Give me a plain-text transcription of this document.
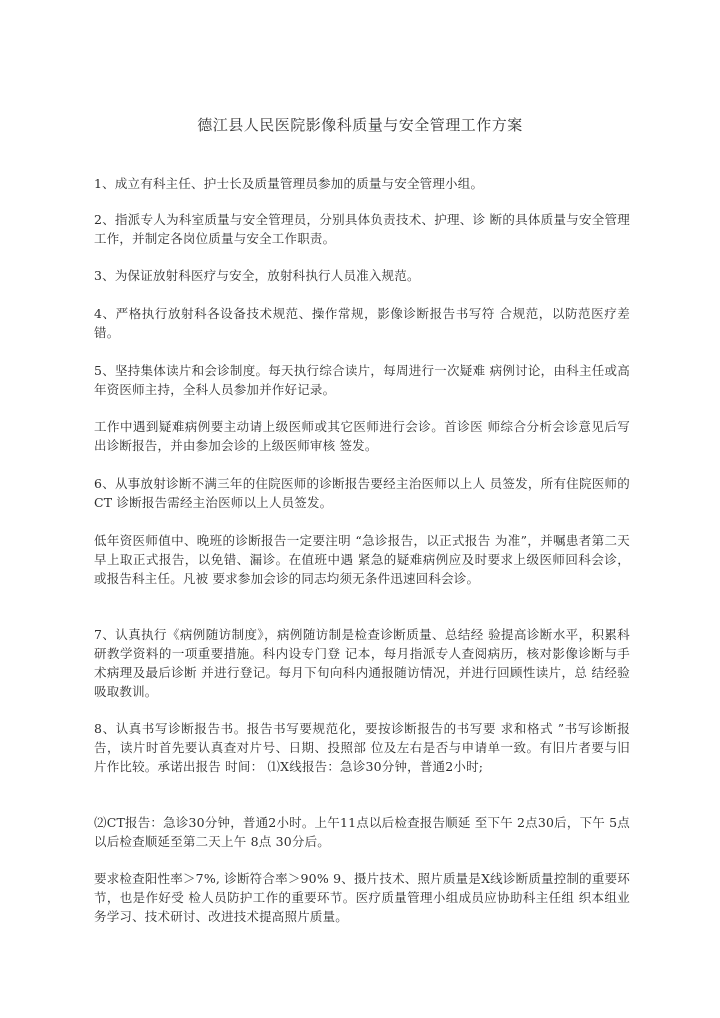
德江县人民医院影像科质量与安全管理工作方案

1、成立有科主任、护士长及质量管理员参加的质量与安全管理小组。

2、指派专人为科室质量与安全管理员，分别具体负责技术、护理、诊 断的具体质量与安全管理工作，并制定各岗位质量与安全工作职责。

3、为保证放射科医疗与安全，放射科执行人员准入规范。

4、严格执行放射科各设备技术规范、操作常规，影像诊断报告书写符 合规范，以防范医疗差错。

5、坚持集体读片和会诊制度。每天执行综合读片，每周进行一次疑难 病例讨论，由科主任或高年资医师主持，全科人员参加并作好记录。

工作中遇到疑难病例要主动请上级医师或其它医师进行会诊。首诊医 师综合分析会诊意见后写出诊断报告，并由参加会诊的上级医师审核 签发。

6、从事放射诊断不满三年的住院医师的诊断报告要经主治医师以上人 员签发，所有住院医师的 CT 诊断报告需经主治医师以上人员签发。

低年资医师值中、晚班的诊断报告一定要注明 “急诊报告，以正式报告 为准”，并嘱患者第二天早上取正式报告，以免错、漏诊。在值班中遇 紧急的疑难病例应及时要求上级医师回科会诊，或报告科主任。凡被 要求参加会诊的同志均须无条件迅速回科会诊。

7、认真执行《病例随访制度》，病例随访制是检查诊断质量、总结经 验提高诊断水平，积累科研教学资料的一项重要措施。科内设专门登 记本，每月指派专人查阅病历，核对影像诊断与手术病理及最后诊断 并进行登记。每月下旬向科内通报随访情况，并进行回顾性读片，总 结经验吸取教训。

8、认真书写诊断报告书。报告书写要规范化，要按诊断报告的书写要 求和格式 ”书写诊断报告，读片时首先要认真查对片号、日期、投照部 位及左右是否与申请单一致。有旧片者要与旧片作比较。承诺出报告 时间： ⑴X线报告：急诊30分钟，普通2小时;

⑵CT报告：急诊30分钟，普通2小时。上午11点以后检查报告顺延 至下午 2点30后，下午 5点以后检查顺延至第二天上午 8点 30分后。

要求检查阳性率＞7%, 诊断符合率＞90% 9、摄片技术、照片质量是X线诊断质量控制的重要环节，也是作好受 检人员防护工作的重要环节。医疗质量管理小组成员应协助科主任组 织本组业务学习、技术研讨、改进技术提高照片质量。
